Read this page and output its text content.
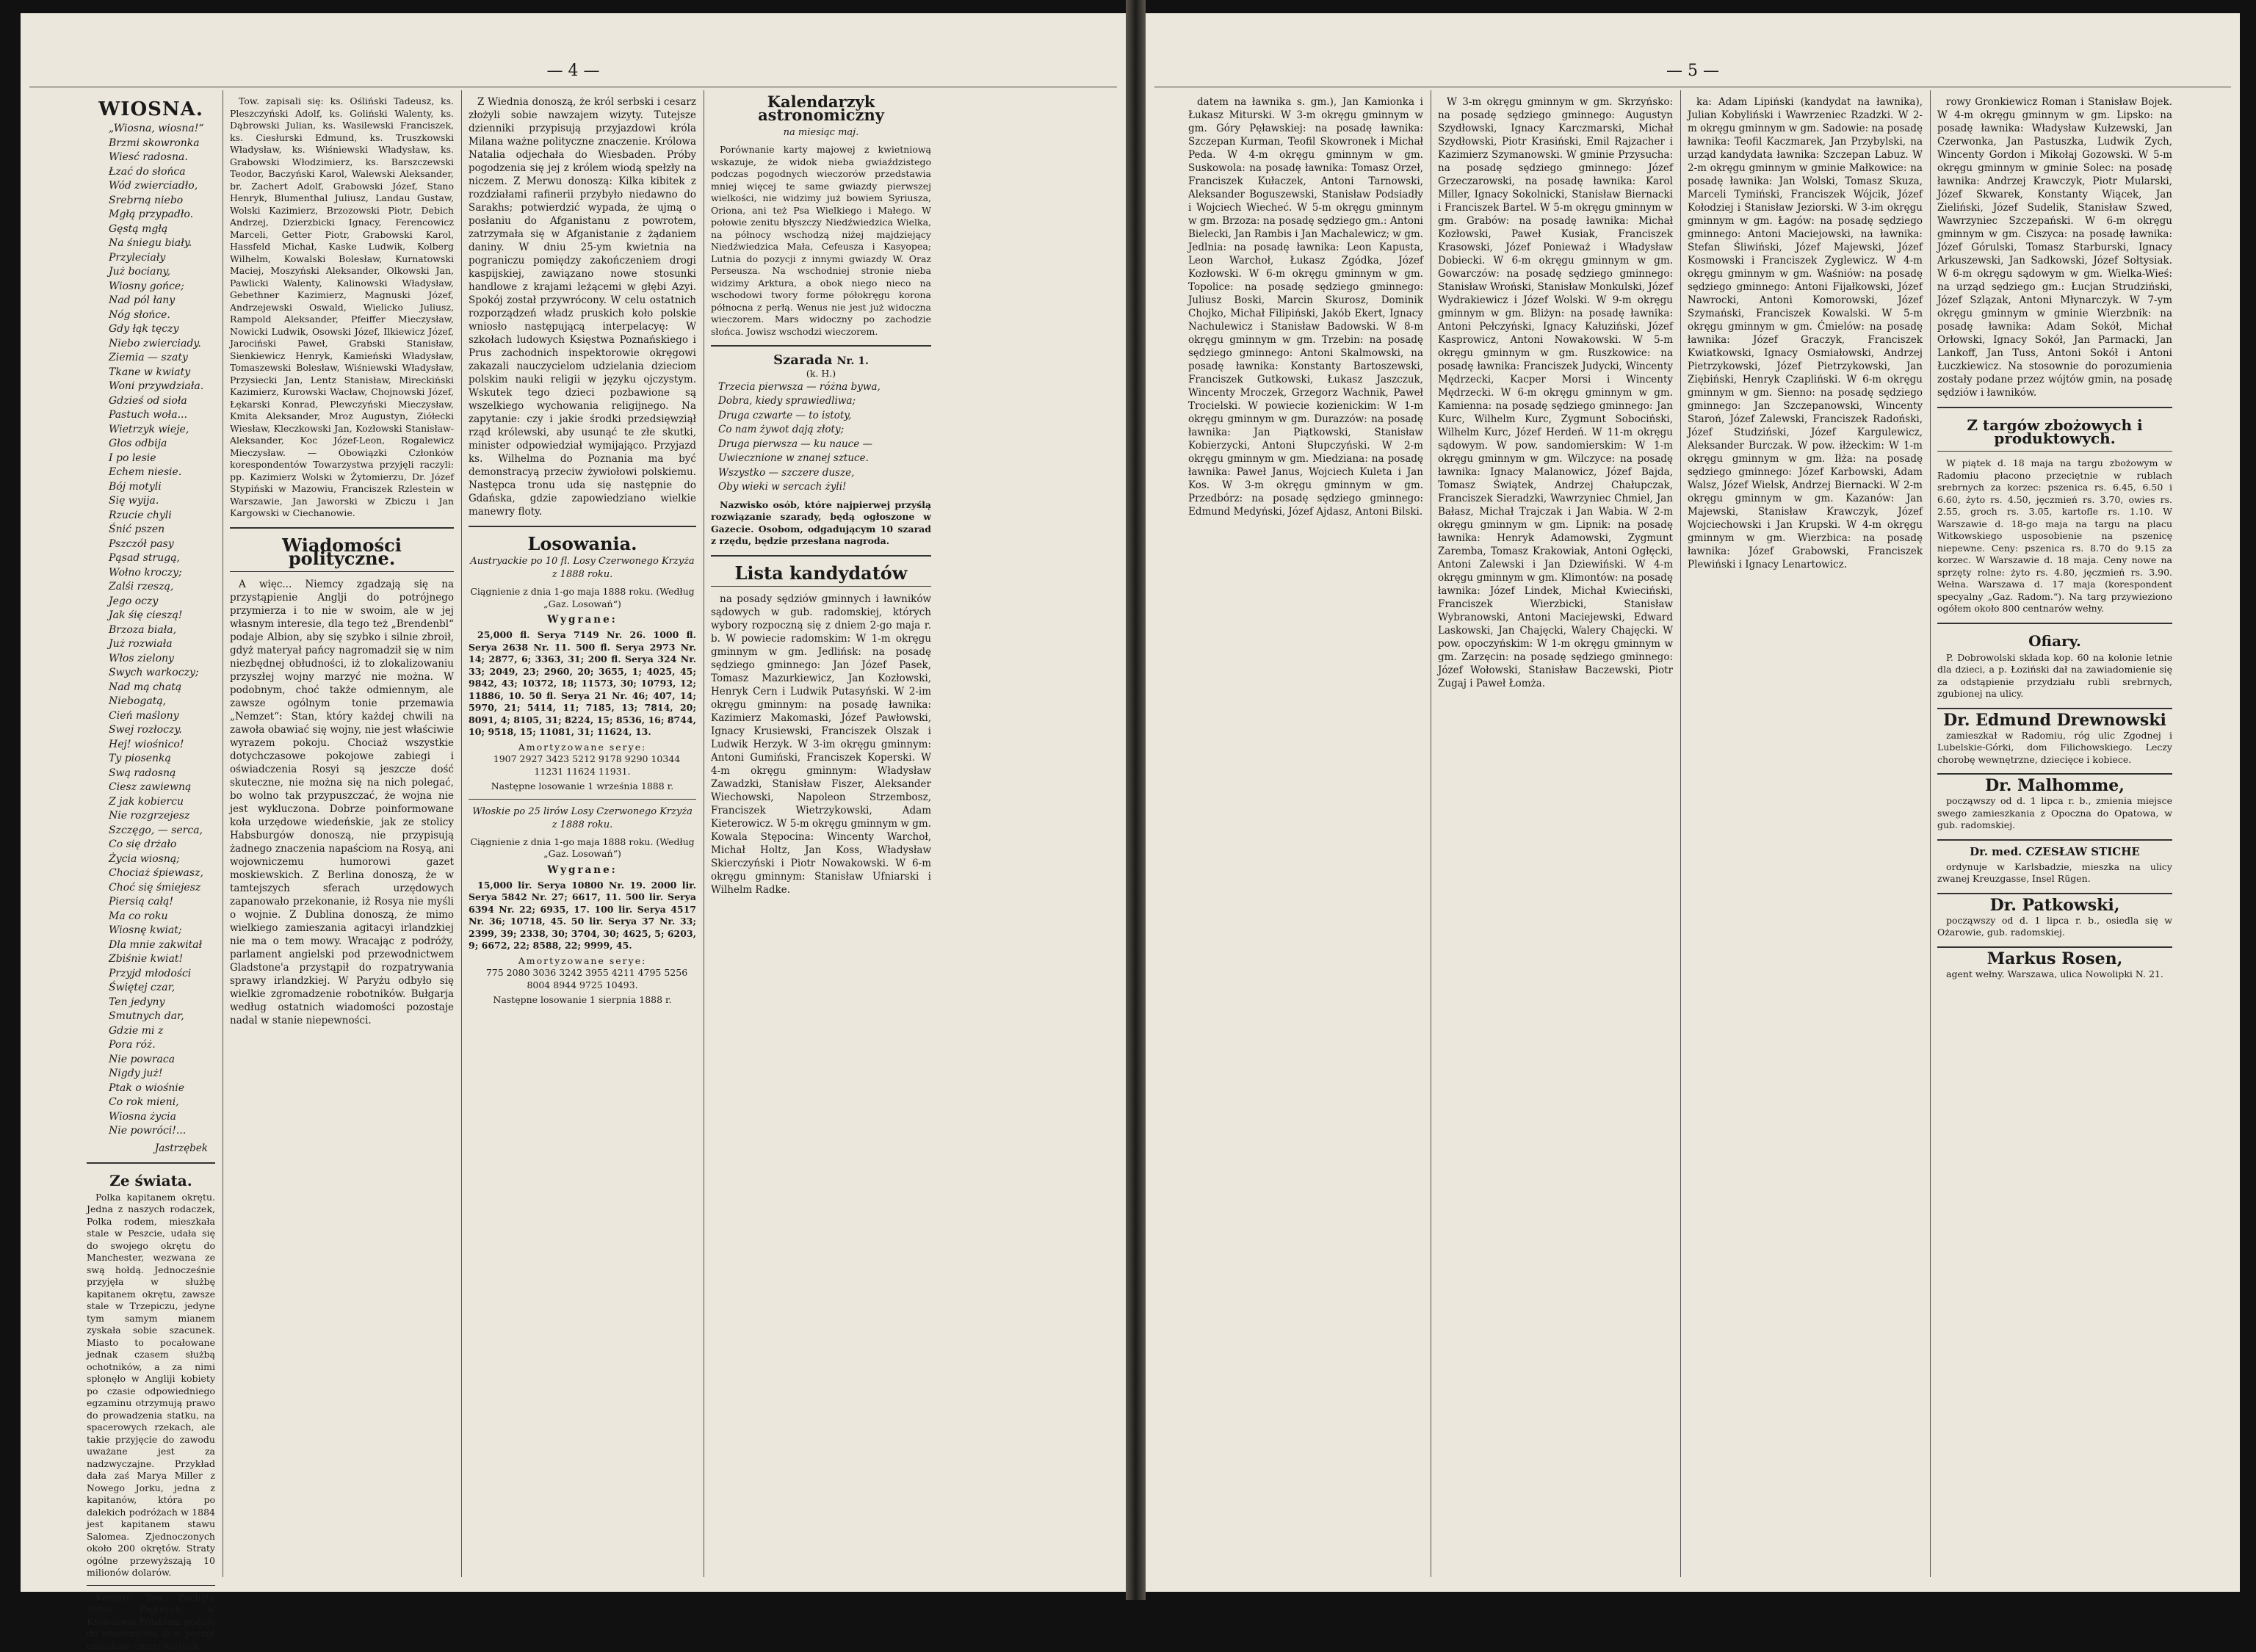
— 4 —
WIOSNA.
„Wiosna, wiosna!“
Brzmi skowronka
Wiesć radosna.
Łzać do słońca
Wód zwierciadło,
Srebrną niebo
Mgłą przypadło.
Gęstą mgłą
Na śniegu biały.
Przyleciały
Już bociany,
Wiosny gońce;
Nad pól łany
Nóg słońce.
Gdy łąk tęczy
Niebo zwierciady.
Ziemia — szaty
Tkane w kwiaty
Woni przywdziała.
Gdzieś od sioła
Pastuch woła...
Wietrzyk wieje,
Głos odbija
I po lesie
Echem niesie.
Bój motyli
Się wyija.
Rzucie chyli
Śnić pszen
Pszczół pasy
Pąsad strugą,
Wołno kroczy;
Zalśi rzeszą,
Jego oczy
Jak śię cieszą!
Brzoza biała,
Już rozwiała
Włos zielony
Swych warkoczy;
Nad mą chatą
Niebogatą,
Cień maślony
Swej rozłoczy.
Hej! wiośnico!
Ty piosenką
Swą radosną
Ciesz zawiewną
Z jak kobiercu
Nie rozgrzejesz
Szczęgo, — serca,
Co się drżało
Życia wiosną;
Chociaż śpiewasz,
Choć się śmiejesz
Piersią całą!
Ma co roku
Wiosnę kwiat;
Dla mnie zakwitał
Zbiśnie kwiat!
Przyjd młodości
Świętej czar,
Ten jedyny
Smutnych dar,
Gdzie mi z
Pora róż.
Nie powraca
Nigdy już!
Ptak o wiośnie
Co rok mieni,
Wiosna życia
Nie powróci!...
Jastrzębek
Ze świata.

Polka kapitanem okrętu. Jedna z naszych rodaczek, Polka rodem, mieszkała stale w Peszcie, udała się do swojego okrętu do Manchester, wezwana ze swą hołdą. Jednocześnie przyjęła w służbę kapitanem okrętu, zawsze stale w Trzepiczu, jedyne tym samym mianem zyskała sobie szacunek. Miasto to pocałowane jednak czasem służbą ochotników, a za nimi spłonęło w Angliji kobiety po czasie odpowiedniego egzaminu otrzymują prawo do prowadzenia statku, na spacerowych rzekach, ale takie przyjęcie do zawodu uważane jest za nadzwyczajne. Przykład dała zaś Marya Miller z Nowego Jorku, jedna z kapitanów, która po dalekich podróżach w 1884 jest kapitanem stawu Salomea. Zjednoczonych około 200 okrętów. Straty ogólne przewyższają 10 milionów dolarów.

Komitet Tow. Zachęty Sztuk Pięknych w Królestwie Polskiem podaje do wiadomości, iż w poczet członków rzeczywistych

Tow. zapisali się: ks. Ośliński Tadeusz, ks. Pleszczyński Adolf, ks. Goliński Walenty, ks. Dąbrowski Julian, ks. Wasilewski Franciszek, ks. Ciesłurski Edmund, ks. Truszkowski Władysław, ks. Wiśniewski Władysław, ks. Grabowski Włodzimierz, ks. Barszczewski Teodor, Baczyński Karol, Walewski Aleksander, br. Zachert Adolf, Grabowski Józef, Stano Henryk, Blumenthal Juliusz, Landau Gustaw, Wolski Kazimierz, Brzozowski Piotr, Debich Andrzej, Dzierzbicki Ignacy, Ferencowicz Marceli, Getter Piotr, Grabowski Karol, Hassfeld Michał, Kaske Ludwik, Kolberg Wilhelm, Kowalski Bolesław, Kurnatowski Maciej, Moszyński Aleksander, Olkowski Jan, Pawlicki Walenty, Kalinowski Władysław, Gebethner Kazimierz, Magnuski Józef, Andrzejewski Oswald, Wielicko Juliusz, Rampold Aleksander, Pfeiffer Mieczysław, Nowicki Ludwik, Osowski Józef, Ilkiewicz Józef, Jarociński Paweł, Grabski Stanisław, Sienkiewicz Henryk, Kamieński Władysław, Tomaszewski Bolesław, Wiśniewski Władysław, Przysiecki Jan, Lentz Stanisław, Mireckiński Kazimierz, Kurowski Wacław, Chojnowski Józef, Łękarski Konrad, Plewczyński Mieczysław, Kmita Aleksander, Mroz Augustyn, Ziółecki Wiesław, Kleczkowski Jan, Kozłowski Stanisław-Aleksander, Koc Józef-Leon, Rogalewicz Mieczysław. — Obowiązki Członków korespondentów Towarzystwa przyjęli raczyli: pp. Kazimierz Wolski w Żytomierzu, Dr. Józef Stypiński w Mazowiu, Franciszek Rzlestein w Warszawie, Jan Jaworski w Zbiczu i Jan Kargowski w Ciechanowie.

Wiadomości polityczne.

A więc... Niemcy zgadzają się na przystąpienie Anglji do potrójnego przymierza i to nie w swoim, ale w jej własnym interesie, dla tego też „Brendenbl“ podaje Albion, aby się szybko i silnie zbroił, gdyż materyał pańcy nagromadził się w nim niezbędnej obłudności, iż to zlokalizowaniu przyszłej wojny marzyć nie można. W podobnym, choć także odmiennym, ale zawsze ogólnym tonie przemawia „Nemzet“: Stan, który każdej chwili na zawoła obawiać się wojny, nie jest właściwie wyrazem pokoju. Chociaż wszystkie dotychczasowe pokojowe zabiegi i oświadczenia Rosyi są jeszcze dość skuteczne, nie można się na nich polegać, bo wolno tak przypuszczać, że wojna nie jest wykluczona. Dobrze poinformowane koła urzędowe wiedeńskie, jak ze stolicy Habsburgów donoszą, nie przypisują żadnego znaczenia napaściom na Rosyą, ani wojowniczemu humorowi gazet moskiewskich. Z Berlina donoszą, że w tamtejszych sferach urzędowych zapanowało przekonanie, iż Rosya nie myśli o wojnie. Z Dublina donoszą, że mimo wielkiego zamieszania agitacyi irlandzkiej nie ma o tem mowy. Wracając z podróży, parlament angielski pod przewodnictwem Gladstone'a przystąpił do rozpatrywania sprawy irlandzkiej. W Paryżu odbyło się wielkie zgromadzenie robotników. Bułgarja według ostatnich wiadomości pozostaje nadal w stanie niepewności.

Z Wiednia donoszą, że król serbski i cesarz złożyli sobie nawzajem wizyty. Tutejsze dzienniki przypisują przyjazdowi króla Milana ważne polityczne znaczenie. Królowa Natalia odjechała do Wiesbaden. Próby pogodzenia się jej z królem wiodą spełzły na niczem. Z Merwu donoszą: Kilka kibitek z rozdziałami rafinerii przybyło niedawno do Sarakhs; potwierdzić wypada, że ujmą o posłaniu do Afganistanu z powrotem, zatrzymała się w Afganistanie z żądaniem daniny. W dniu 25-ym kwietnia na pograniczu pomiędzy zakończeniem drogi kaspijskiej, zawiązano nowe stosunki handlowe z krajami leżącemi w głębi Azyi. Spokój został przywrócony. W celu ostatnich rozporządzeń władz pruskich koło polskie wniosło następującą interpelacyę: W szkołach ludowych Księstwa Poznańskiego i Prus zachodnich inspektorowie okręgowi zakazali nauczycielom udzielania dzieciom polskim nauki religii w języku ojczystym. Wskutek tego dzieci pozbawione są wszelkiego wychowania religijnego. Na zapytanie: czy i jakie środki przedsięwziął rząd królewski, aby usunąć te złe skutki, minister odpowiedział wymijająco. Przyjazd ks. Wilhelma do Poznania ma być demonstracyą przeciw żywiołowi polskiemu. Następca tronu uda się następnie do Gdańska, gdzie zapowiedziano wielkie manewry floty.

Losowania.
Austryackie po 10 fl. Losy Czerwonego Krzyża z 1888 roku.
Ciągnienie z dnia 1-go maja 1888 roku. (Według „Gaz. Losowań“)
Wygrane:

25,000 fl. Serya 7149 Nr. 26. 1000 fl. Serya 2638 Nr. 11. 500 fl. Serya 2973 Nr. 14; 2877, 6; 3363, 31; 200 fl. Serya 324 Nr. 33; 2049, 23; 2960, 20; 3655, 1; 4025, 45; 9842, 43; 10372, 18; 11573, 30; 10793, 12; 11886, 10. 50 fl. Serya 21 Nr. 46; 407, 14; 5970, 21; 5414, 11; 7185, 13; 7814, 20; 8091, 4; 8105, 31; 8224, 15; 8536, 16; 8744, 10; 9518, 15; 11081, 31; 11624, 13.

Amortyzowane serye:

1907 2927 3423 5212 9178 9290 10344 11231 11624 11931.

Następne losowanie 1 września 1888 r.
Włoskie po 25 lirów Losy Czerwonego Krzyża z 1888 roku.
Ciągnienie z dnia 1-go maja 1888 roku. (Według „Gaz. Losowań“)
Wygrane:

15,000 lir. Serya 10800 Nr. 19. 2000 lir. Serya 5842 Nr. 27; 6617, 11. 500 lir. Serya 6394 Nr. 22; 6935, 17. 100 lir. Serya 4517 Nr. 36; 10718, 45. 50 lir. Serya 37 Nr. 33; 2399, 39; 2338, 30; 3704, 30; 4625, 5; 6203, 9; 6672, 22; 8588, 22; 9999, 45.

Amortyzowane serye:

775 2080 3036 3242 3955 4211 4795 5256 8004 8944 9725 10493.

Następne losowanie 1 sierpnia 1888 r.
Kalendarzyk astronomiczny
na miesiąc maj.

Porównanie karty majowej z kwietniową wskazuje, że widok nieba gwiaździstego podczas pogodnych wieczorów przedstawia mniej więcej te same gwiazdy pierwszej wielkości, nie widzimy już bowiem Syriusza, Oriona, ani też Psa Wielkiego i Małego. W połowie zenitu błyszczy Niedźwiedzica Wielka, na północy wschodzą niżej majdziejący Niedźwiedzica Mała, Cefeusza i Kasyopea; Lutnia do pozycji z innymi gwiazdy W. Oraz Perseusza. Na wschodniej stronie nieba widzimy Arktura, a obok niego nieco na wschodowi twory forme półokręgu korona północna z perłą. Wenus nie jest już widoczna wieczorem. Mars widoczny po zachodzie słońca. Jowisz wschodzi wieczorem.

Szarada Nr. 1.
(k. H.)
Trzecia pierwsza — różna bywa,
Dobra, kiedy sprawiedliwa;
Druga czwarte — to istoty,
Co nam żywot dają złoty;
Druga pierwsza — ku nauce —
Uwiecznione w znanej sztuce.
Wszystko — szczere dusze,
Oby wieki w sercach żyli!

Nazwisko osób, które najpierwej przyślą rozwiązanie szarady, będą ogłoszone w Gazecie. Osobom, odgadującym 10 szarad z rzędu, będzie przesłana nagroda.

Lista kandydatów

na posady sędziów gminnych i ławników sądowych w gub. radomskiej, których wybory rozpoczną się z dniem 2-go maja r. b. W powiecie radomskim: W 1-m okręgu gminnym w gm. Jedlińsk: na posadę sędziego gminnego: Jan Józef Pasek, Tomasz Mazurkiewicz, Jan Kozłowski, Henryk Cern i Ludwik Putasyński. W 2-im okręgu gminnym: na posadę ławnika: Kazimierz Makomaski, Józef Pawłowski, Ignacy Krusiewski, Franciszek Olszak i Ludwik Herzyk. W 3-im okręgu gminnym: Antoni Gumiński, Franciszek Koperski. W 4-m okręgu gminnym: Władysław Zawadzki, Stanisław Fiszer, Aleksander Wiechowski, Napoleon Strzembosz, Franciszek Wietrzykowski, Adam Kieterowicz. W 5-m okręgu gminnym w gm. Kowala Stępocina: Wincenty Warchoł, Michał Holtz, Jan Koss, Władysław Skierczyński i Piotr Nowakowski. W 6-m okręgu gminnym: Stanisław Ufniarski i Wilhelm Radke.

— 5 —

datem na ławnika s. gm.), Jan Kamionka i Łukasz Miturski. W 3-m okręgu gminnym w gm. Góry Pęławskiej: na posadę ławnika: Szczepan Kurman, Teofil Skowronek i Michał Peda. W 4-m okręgu gminnym w gm. Suskowola: na posadę ławnika: Tomasz Orzeł, Franciszek Kułaczek, Antoni Tarnowski, Aleksander Boguszewski, Stanisław Podsiadły i Wojciech Wiecheć. W 5-m okręgu gminnym w gm. Brzoza: na posadę sędziego gm.: Antoni Bielecki, Jan Rambis i Jan Machalewicz; w gm. Jedlnia: na posadę ławnika: Leon Kapusta, Leon Warchoł, Łukasz Zgódka, Józef Kozłowski. W 6-m okręgu gminnym w gm. Topolice: na posadę sędziego gminnego: Juliusz Boski, Marcin Skurosz, Dominik Chojko, Michał Filipiński, Jakób Ekert, Ignacy Nachulewicz i Stanisław Badowski. W 8-m okręgu gminnym w gm. Trzebin: na posadę sędziego gminnego: Antoni Skalmowski, na posadę ławnika: Konstanty Bartoszewski, Franciszek Gutkowski, Łukasz Jaszczuk, Wincenty Mroczek, Grzegorz Wachnik, Paweł Trocielski. W powiecie kozienickim: W 1-m okręgu gminnym w gm. Durazzów: na posadę ławnika: Jan Piątkowski, Stanisław Kobierzycki, Antoni Słupczyński. W 2-m okręgu gminnym w gm. Miedziana: na posadę ławnika: Paweł Janus, Wojciech Kuleta i Jan Kos. W 3-m okręgu gminnym w gm. Przedbórz: na posadę sędziego gminnego: Edmund Medyński, Józef Ajdasz, Antoni Bilski.

W 3-m okręgu gminnym w gm. Skrzyńsko: na posadę sędziego gminnego: Augustyn Szydłowski, Ignacy Karczmarski, Michał Szydłowski, Piotr Krasiński, Emil Rajzacher i Kazimierz Szymanowski. W gminie Przysucha: na posadę sędziego gminnego: Józef Grzeczarowski, na posadę ławnika: Karol Miller, Ignacy Sokolnicki, Stanisław Biernacki i Franciszek Bartel. W 5-m okręgu gminnym w gm. Grabów: na posadę ławnika: Michał Kozłowski, Paweł Kusiak, Franciszek Krasowski, Józef Ponieważ i Władysław Dobiecki. W 6-m okręgu gminnym w gm. Gowarczów: na posadę sędziego gminnego: Stanisław Wroński, Stanisław Monkulski, Józef Wydrakiewicz i Józef Wolski. W 9-m okręgu gminnym w gm. Bliżyn: na posadę ławnika: Antoni Pełczyński, Ignacy Kałuziński, Józef Kasprowicz, Antoni Nowakowski. W 5-m okręgu gminnym w gm. Ruszkowice: na posadę ławnika: Franciszek Judycki, Wincenty Mędrzecki, Kacper Morsi i Wincenty Mędrzecki. W 6-m okręgu gminnym w gm. Kamienna: na posadę sędziego gminnego: Jan Kurc, Wilhelm Kurc, Zygmunt Sobociński, Wilhelm Kurc, Józef Herdeń. W 11-m okręgu sądowym. W pow. sandomierskim: W 1-m okręgu gminnym w gm. Wilczyce: na posadę ławnika: Ignacy Malanowicz, Józef Bajda, Tomasz Świątek, Andrzej Chałupczak, Franciszek Sieradzki, Wawrzyniec Chmiel, Jan Bałasz, Michał Trajczak i Jan Wabia. W 2-m okręgu gminnym w gm. Lipnik: na posadę ławnika: Henryk Adamowski, Zygmunt Zaremba, Tomasz Krakowiak, Antoni Ogłęcki, Antoni Zalewski i Jan Dziewiński. W 4-m okręgu gminnym w gm. Klimontów: na posadę ławnika: Józef Lindek, Michał Kwieciński, Franciszek Wierzbicki, Stanisław Wybranowski, Antoni Maciejewski, Edward Laskowski, Jan Chajęcki, Walery Chajęcki. W pow. opoczyńskim: W 1-m okręgu gminnym w gm. Zarzęcin: na posadę sędziego gminnego: Józef Wołowski, Stanisław Baczewski, Piotr Zugaj i Paweł Łomża.

ka: Adam Lipiński (kandydat na ławnika), Julian Kobyliński i Wawrzeniec Rzadzki. W 2-m okręgu gminnym w gm. Sadowie: na posadę ławnika: Teofil Kaczmarek, Jan Przybylski, na urząd kandydata ławnika: Szczepan Labuz. W 2-m okręgu gminnym w gminie Małkowice: na posadę ławnika: Jan Wolski, Tomasz Skuza, Marceli Tymiński, Franciszek Wójcik, Józef Kołodziej i Stanisław Jeziorski. W 3-im okręgu gminnym w gm. Łagów: na posadę sędziego gminnego: Antoni Maciejowski, na ławnika: Stefan Śliwiński, Józef Majewski, Józef Kosmowski i Franciszek Zyglewicz. W 4-m okręgu gminnym w gm. Waśniów: na posadę sędziego gminnego: Antoni Fijałkowski, Józef Nawrocki, Antoni Komorowski, Józef Szymański, Franciszek Kowalski. W 5-m okręgu gminnym w gm. Ćmielów: na posadę ławnika: Józef Graczyk, Franciszek Kwiatkowski, Ignacy Osmiałowski, Andrzej Pietrzykowski, Józef Pietrzykowski, Jan Ziębiński, Henryk Czapliński. W 6-m okręgu gminnym w gm. Sienno: na posadę sędziego gminnego: Jan Szczepanowski, Wincenty Staroń, Józef Zalewski, Franciszek Radoński, Józef Studziński, Józef Kargulewicz, Aleksander Burczak. W pow. iłżeckim: W 1-m okręgu gminnym w gm. Iłża: na posadę sędziego gminnego: Józef Karbowski, Adam Walsz, Józef Wielsk, Andrzej Biernacki. W 2-m okręgu gminnym w gm. Kazanów: Jan Majewski, Stanisław Krawczyk, Józef Wojciechowski i Jan Krupski. W 4-m okręgu gminnym w gm. Wierzbica: na posadę ławnika: Józef Grabowski, Franciszek Plewiński i Ignacy Lenartowicz.

rowy Gronkiewicz Roman i Stanisław Bojek. W 4-m okręgu gminnym w gm. Lipsko: na posadę ławnika: Władysław Kułzewski, Jan Czerwonka, Jan Pastuszka, Ludwik Zych, Wincenty Gordon i Mikołaj Gozowski. W 5-m okręgu gminnym w gminie Solec: na posadę ławnika: Andrzej Krawczyk, Piotr Mularski, Józef Skwarek, Konstanty Wiącek, Jan Zieliński, Józef Sudelik, Stanisław Szwed, Wawrzyniec Szczepański. W 6-m okręgu gminnym w gm. Ciszyca: na posadę ławnika: Józef Górulski, Tomasz Starburski, Ignacy Arkuszewski, Jan Sadkowski, Józef Sołtysiak. W 6-m okręgu sądowym w gm. Wielka-Wieś: na urząd sędziego gm.: Łucjan Strudziński, Józef Szlązak, Antoni Młynarczyk. W 7-ym okręgu gminnym w gminie Wierzbnik: na posadę ławnika: Adam Sokół, Michał Orłowski, Ignacy Sokół, Jan Parmacki, Jan Lankoff, Jan Tuss, Antoni Sokół i Antoni Łuczkiewicz. Na stosownie do porozumienia zostały podane przez wójtów gmin, na posadę sędziów i ławników.

Z targów zbożowych i produktowych.

W piątek d. 18 maja na targu zbożowym w Radomiu płacono przeciętnie w rublach srebrnych za korzec: pszenica rs. 6.45, 6.50 i 6.60, żyto rs. 4.50, jęczmień rs. 3.70, owies rs. 2.55, groch rs. 3.05, kartofle rs. 1.10. W Warszawie d. 18-go maja na targu na placu Witkowskiego usposobienie na pszenicę niepewne. Ceny: pszenica rs. 8.70 do 9.15 za korzec. W Warszawie d. 18 maja. Ceny nowe na sprzęty rolne: żyto rs. 4.80, jęczmień rs. 3.90. Wełna. Warszawa d. 17 maja (korespondent specyalny „Gaz. Radom.“). Na targ przywieziono ogółem około 800 centnarów wełny.

Ofiary.

P. Dobrowolski składa kop. 60 na kolonie letnie dla dzieci, a p. Łoziński dał na zawiadomienie się za odstąpienie przydziału rubli srebrnych, zgubionej na ulicy.

Dr. Edmund Drewnowski

zamieszkał w Radomiu, róg ulic Zgodnej i Lubelskie-Górki, dom Filichowskiego. Leczy chorobę wewnętrzne, dziecięce i kobiece.

Dr. Malhomme,

począwszy od d. 1 lipca r. b., zmienia miejsce swego zamieszkania z Opoczna do Opatowa, w gub. radomskiej.

Dr. med. CZESŁAW STICHE

ordynuje w Karlsbadzie, mieszka na ulicy zwanej Kreuzgasse, Insel Rügen.

Dr. Patkowski,

począwszy od d. 1 lipca r. b., osiedla się w Ożarowie, gub. radomskiej.

Markus Rosen,

agent wełny. Warszawa, ulica Nowolipki N. 21.
